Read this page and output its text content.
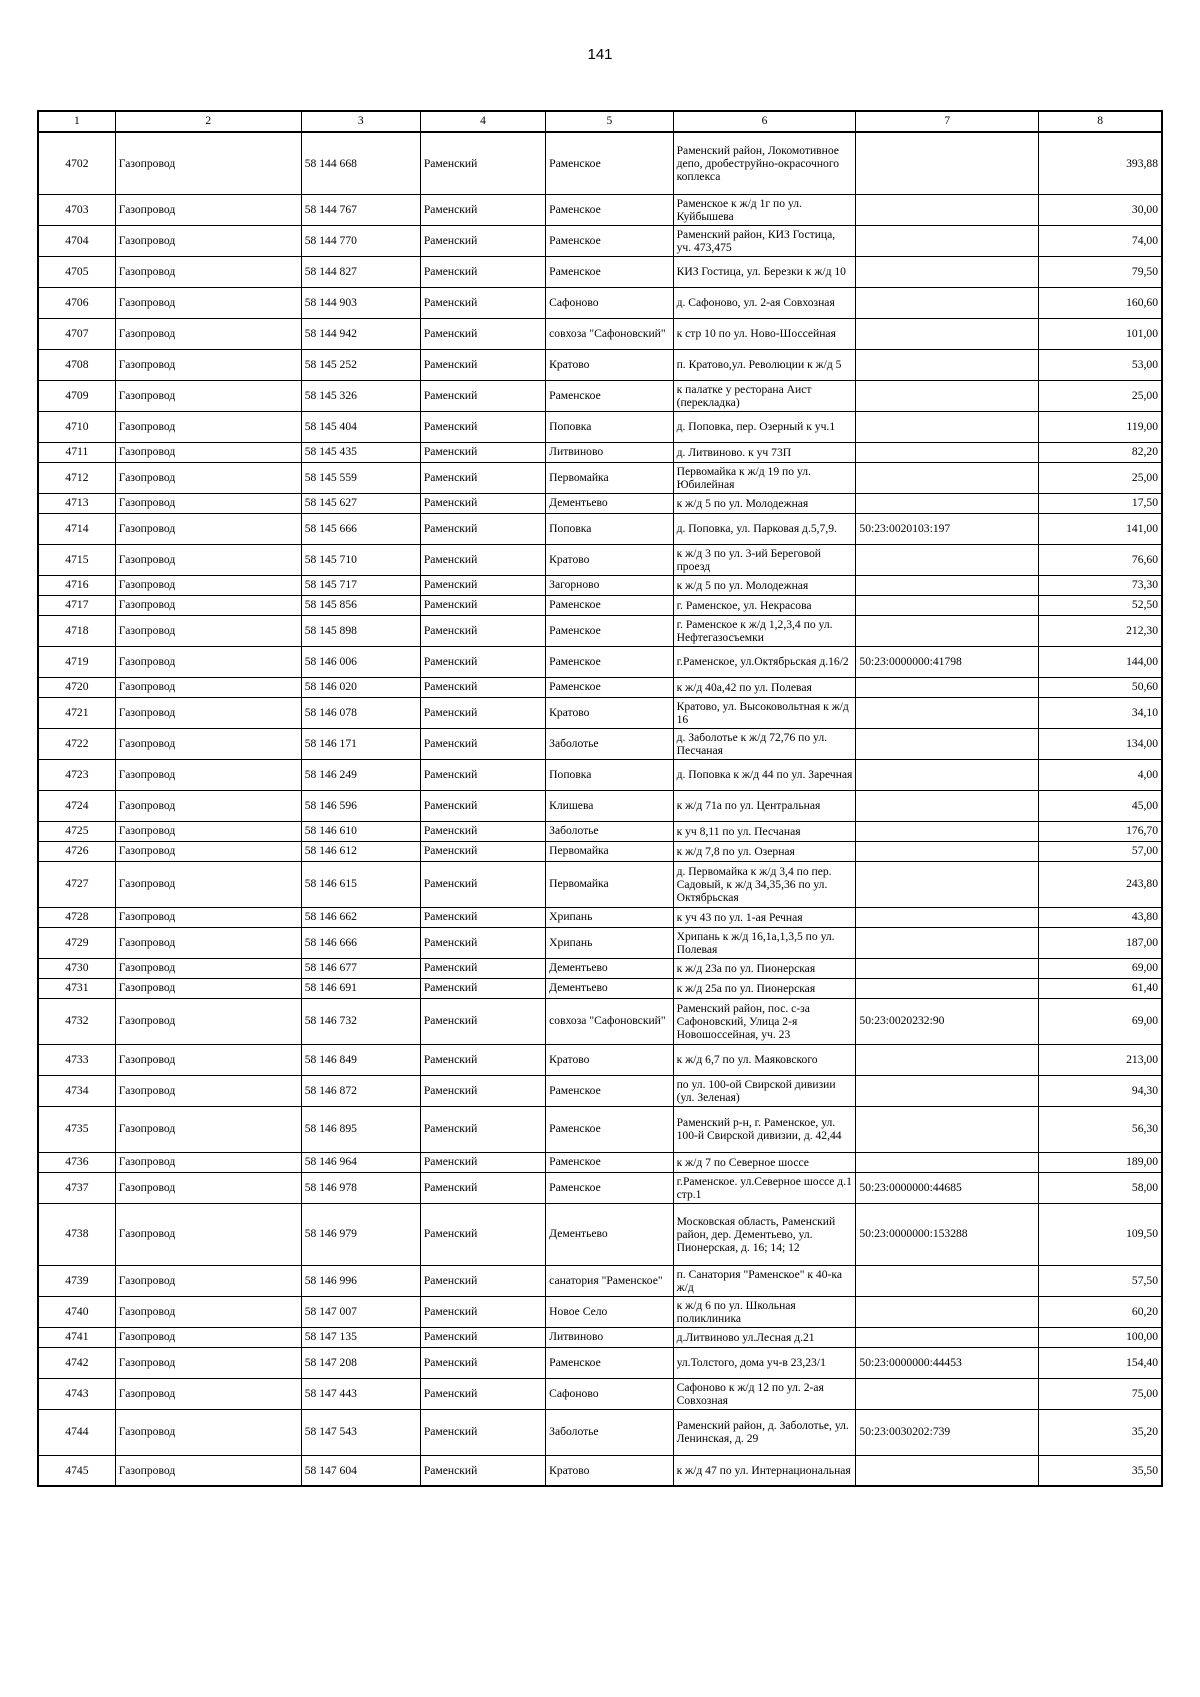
141
1	2	3	4	5	6	7	8
4702	Газопровод	58 144 668	Раменский	Раменское	Раменский район, Локомотивное депо, дробеструйно-окрасочного коплекса		393,88
4703	Газопровод	58 144 767	Раменский	Раменское	Раменское к ж/д 1г по ул. Куйбышева		30,00
4704	Газопровод	58 144 770	Раменский	Раменское	Раменский район, КИЗ Гостица, уч. 473,475		74,00
4705	Газопровод	58 144 827	Раменский	Раменское	КИЗ Гостица, ул. Березки к ж/д 10		79,50
4706	Газопровод	58 144 903	Раменский	Сафоново	д. Сафоново, ул. 2-ая Совхозная		160,60
4707	Газопровод	58 144 942	Раменский	совхоза "Сафоновский"	к стр 10 по ул. Ново-Шоссейная		101,00
4708	Газопровод	58 145 252	Раменский	Кратово	п. Кратово,ул. Революции к ж/д 5		53,00
4709	Газопровод	58 145 326	Раменский	Раменское	к палатке у ресторана Аист (перекладка)		25,00
4710	Газопровод	58 145 404	Раменский	Поповка	д. Поповка, пер. Озерный к уч.1		119,00
4711	Газопровод	58 145 435	Раменский	Литвиново	д. Литвиново. к уч 73П		82,20
4712	Газопровод	58 145 559	Раменский	Первомайка	Первомайка к ж/д 19 по ул. Юбилейная		25,00
4713	Газопровод	58 145 627	Раменский	Дементьево	к ж/д 5 по ул. Молодежная		17,50
4714	Газопровод	58 145 666	Раменский	Поповка	д. Поповка, ул. Парковая д.5,7,9.	50:23:0020103:197	141,00
4715	Газопровод	58 145 710	Раменский	Кратово	к ж/д 3 по ул. 3-ий Береговой проезд		76,60
4716	Газопровод	58 145 717	Раменский	Загорново	к ж/д 5 по ул. Молодежная		73,30
4717	Газопровод	58 145 856	Раменский	Раменское	г. Раменское, ул. Некрасова		52,50
4718	Газопровод	58 145 898	Раменский	Раменское	г. Раменское к ж/д 1,2,3,4 по ул. Нефтегазосъемки		212,30
4719	Газопровод	58 146 006	Раменский	Раменское	г.Раменское, ул.Октябрьская д.16/2	50:23:0000000:41798	144,00
4720	Газопровод	58 146 020	Раменский	Раменское	к ж/д 40а,42 по ул. Полевая		50,60
4721	Газопровод	58 146 078	Раменский	Кратово	Кратово, ул. Высоковольтная к ж/д 16		34,10
4722	Газопровод	58 146 171	Раменский	Заболотье	д. Заболотье к ж/д 72,76 по ул. Песчаная		134,00
4723	Газопровод	58 146 249	Раменский	Поповка	д. Поповка к ж/д 44 по ул. Заречная		4,00
4724	Газопровод	58 146 596	Раменский	Клишева	к ж/д 71а по ул. Центральная		45,00
4725	Газопровод	58 146 610	Раменский	Заболотье	к уч 8,11 по ул. Песчаная		176,70
4726	Газопровод	58 146 612	Раменский	Первомайка	к ж/д 7,8 по ул. Озерная		57,00
4727	Газопровод	58 146 615	Раменский	Первомайка	д. Первомайка к ж/д 3,4 по пер. Садовый, к ж/д 34,35,36 по ул. Октябрьская		243,80
4728	Газопровод	58 146 662	Раменский	Хрипань	к уч 43 по ул. 1-ая Речная		43,80
4729	Газопровод	58 146 666	Раменский	Хрипань	Хрипань к ж/д 16,1а,1,3,5 по ул. Полевая		187,00
4730	Газопровод	58 146 677	Раменский	Дементьево	к ж/д 23а по ул. Пионерская		69,00
4731	Газопровод	58 146 691	Раменский	Дементьево	к ж/д 25а по ул. Пионерская		61,40
4732	Газопровод	58 146 732	Раменский	совхоза "Сафоновский"	Раменский район, пос. с-за Сафоновский, Улица 2-я Новошоссейная, уч. 23	50:23:0020232:90	69,00
4733	Газопровод	58 146 849	Раменский	Кратово	к ж/д 6,7 по ул. Маяковского		213,00
4734	Газопровод	58 146 872	Раменский	Раменское	по ул. 100-ой Свирской дивизии (ул. Зеленая)		94,30
4735	Газопровод	58 146 895	Раменский	Раменское	Раменский р-н, г. Раменское, ул. 100-й Свирской дивизии, д. 42,44		56,30
4736	Газопровод	58 146 964	Раменский	Раменское	к ж/д 7 по Северное шоссе		189,00
4737	Газопровод	58 146 978	Раменский	Раменское	г.Раменское. ул.Северное шоссе д.1 стр.1	50:23:0000000:44685	58,00
4738	Газопровод	58 146 979	Раменский	Дементьево	Московская область, Раменский район, дер. Дементьево, ул. Пионерская, д. 16; 14; 12	50:23:0000000:153288	109,50
4739	Газопровод	58 146 996	Раменский	санатория "Раменское"	п. Санатория "Раменское" к 40-ка ж/д		57,50
4740	Газопровод	58 147 007	Раменский	Новое Село	к ж/д 6 по ул. Школьная поликлиника		60,20
4741	Газопровод	58 147 135	Раменский	Литвиново	д.Литвиново ул.Лесная д.21		100,00
4742	Газопровод	58 147 208	Раменский	Раменское	ул.Толстого, дома уч-в 23,23/1	50:23:0000000:44453	154,40
4743	Газопровод	58 147 443	Раменский	Сафоново	Сафоново к ж/д 12 по ул. 2-ая Совхозная		75,00
4744	Газопровод	58 147 543	Раменский	Заболотье	Раменский район, д. Заболотье, ул. Ленинская, д. 29	50:23:0030202:739	35,20
4745	Газопровод	58 147 604	Раменский	Кратово	к ж/д 47 по ул. Интернациональная		35,50
